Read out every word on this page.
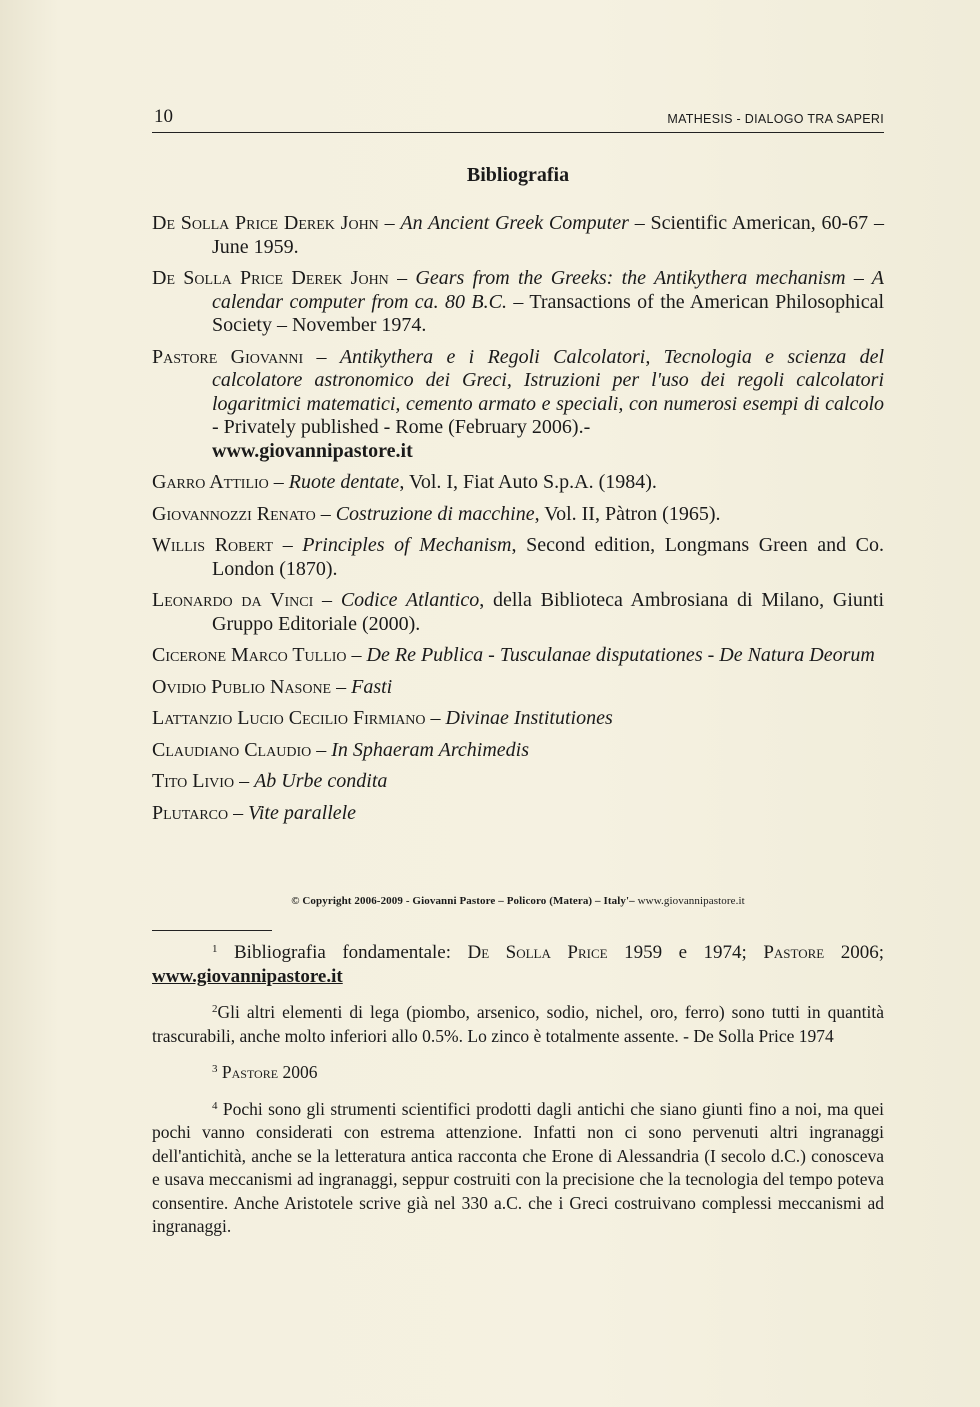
10	MATHESIS - DIALOGO TRA SAPERI
Bibliografia
De Solla Price Derek John – An Ancient Greek Computer – Scientific American, 60-67 – June 1959.
De Solla Price Derek John – Gears from the Greeks: the Antikythera mechanism – A calendar computer from ca. 80 B.C. – Transactions of the American Philosophical Society – November 1974.
Pastore Giovanni – Antikythera e i Regoli Calcolatori, Tecnologia e scienza del calcolatore astronomico dei Greci, Istruzioni per l'uso dei regoli calcolatori logaritmici matematici, cemento armato e speciali, con numerosi esempi di calcolo - Privately published - Rome (February 2006).-
www.giovannipastore.it
Garro Attilio – Ruote dentate, Vol. I, Fiat Auto S.p.A. (1984).
Giovannozzi Renato – Costruzione di macchine, Vol. II, Pàtron (1965).
Willis Robert – Principles of Mechanism, Second edition, Longmans Green and Co. London (1870).
Leonardo da Vinci – Codice Atlantico, della Biblioteca Ambrosiana di Milano, Giunti Gruppo Editoriale (2000).
Cicerone Marco Tullio – De Re Publica - Tusculanae disputationes - De Natura Deorum
Ovidio Publio Nasone – Fasti
Lattanzio Lucio Cecilio Firmiano – Divinae Institutiones
Claudiano Claudio – In Sphaeram Archimedis
Tito Livio – Ab Urbe condita
Plutarco – Vite parallele
© Copyright 2006-2009 - Giovanni Pastore – Policoro (Matera) – Italy'– www.giovannipastore.it
$^1$ Bibliografia fondamentale: De Solla Price 1959 e 1974; Pastore 2006; www.giovannipastore.it
$^2$Gli altri elementi di lega (piombo, arsenico, sodio, nichel, oro, ferro) sono tutti in quantità trascurabili, anche molto inferiori allo 0.5%. Lo zinco è totalmente assente. - De Solla Price 1974
$^3$ Pastore 2006
$^4$ Pochi sono gli strumenti scientifici prodotti dagli antichi che siano giunti fino a noi, ma quei pochi vanno considerati con estrema attenzione. Infatti non ci sono pervenuti altri ingranaggi dell'antichità, anche se la letteratura antica racconta che Erone di Alessandria (I secolo d.C.) conosceva e usava meccanismi ad ingranaggi, seppur costruiti con la precisione che la tecnologia del tempo poteva consentire. Anche Aristotele scrive già nel 330 a.C. che i Greci costruivano complessi meccanismi ad ingranaggi.
